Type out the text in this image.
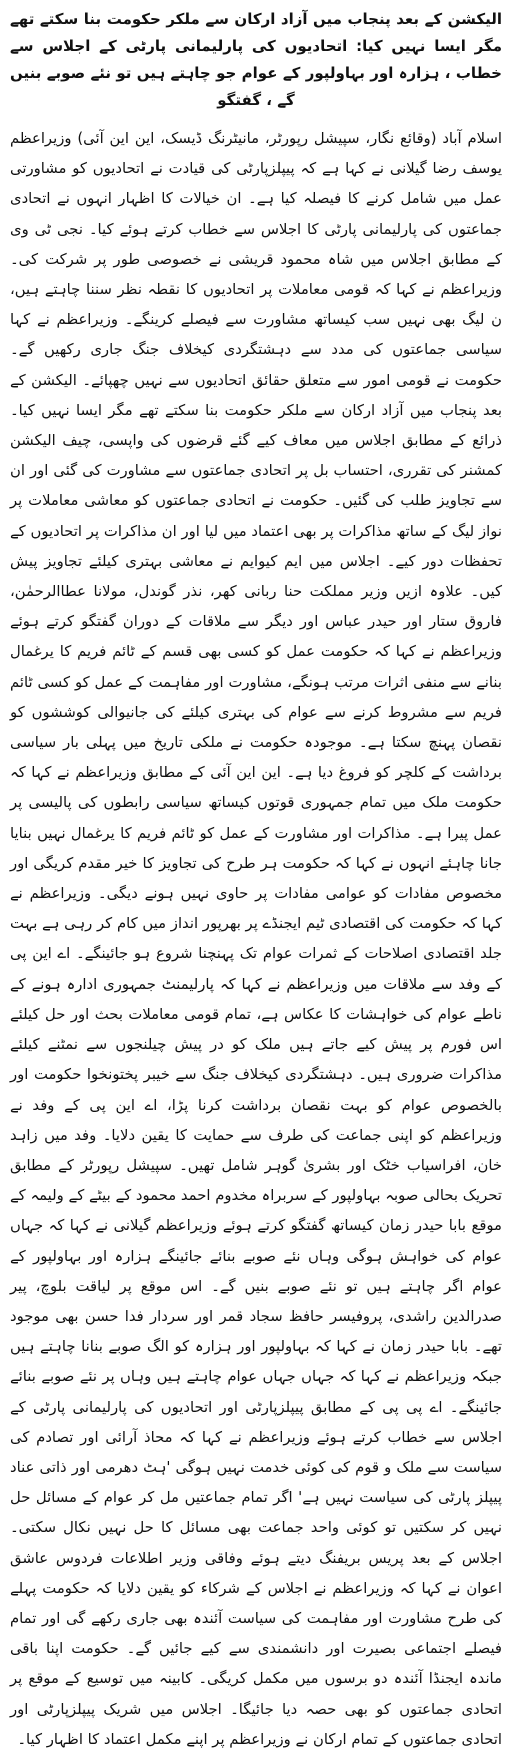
الیکشن کے بعد پنجاب میں آزاد ارکان سے ملکر حکومت بنا سکتے تھے مگر ایسا نہیں کیا: اتحادیوں کی پارلیمانی پارٹی کے اجلاس سے خطاب ، ہزارہ اور بہاولپور کے عوام جو چاہتے ہیں تو نئے صوبے بنیں گے ، گفتگو
اسلام آباد (وقائع نگار، سپیشل رپورٹر، مانیٹرنگ ڈیسک، این این آئی) وزیراعظم یوسف رضا گیلانی نے کہا ہے کہ پیپلزپارٹی کی قیادت نے اتحادیوں کو مشاورتی عمل میں شامل کرنے کا فیصلہ کیا ہے۔ ان خیالات کا اظہار انہوں نے اتحادی جماعتوں کی پارلیمانی پارٹی کا اجلاس سے خطاب کرتے ہوئے کیا۔ نجی ٹی وی کے مطابق اجلاس میں شاہ محمود قریشی نے خصوصی طور پر شرکت کی۔ وزیراعظم نے کہا کہ قومی معاملات پر اتحادیوں کا نقطہ نظر سننا چاہتے ہیں، ن لیگ بھی نہیں سب کیساتھ مشاورت سے فیصلے کرینگے۔ وزیراعظم نے کہا سیاسی جماعتوں کی مدد سے دہشتگردی کیخلاف جنگ جاری رکھیں گے۔ حکومت نے قومی امور سے متعلق حقائق اتحادیوں سے نہیں چھپائے۔ الیکشن کے بعد پنجاب میں آزاد ارکان سے ملکر حکومت بنا سکتے تھے مگر ایسا نہیں کیا۔ ذرائع کے مطابق اجلاس میں معاف کیے گئے قرضوں کی واپسی، چیف الیکشن کمشنر کی تقرری، احتساب بل پر اتحادی جماعتوں سے مشاورت کی گئی اور ان سے تجاویز طلب کی گئیں۔ حکومت نے اتحادی جماعتوں کو معاشی معاملات پر نواز لیگ کے ساتھ مذاکرات پر بھی اعتماد میں لیا اور ان مذاکرات پر اتحادیوں کے تحفظات دور کیے۔ اجلاس میں ایم کیوایم نے معاشی بہتری کیلئے تجاویز پیش کیں۔ علاوہ ازیں وزیر مملکت حنا ربانی کھر، نذر گوندل، مولانا عطاالرحمٰن، فاروق ستار اور حیدر عباس اور دیگر سے ملاقات کے دوران گفتگو کرتے ہوئے وزیراعظم نے کہا کہ حکومت عمل کو کسی بھی قسم کے ٹائم فریم کا یرغمال بنانے سے منفی اثرات مرتب ہونگے، مشاورت اور مفاہمت کے عمل کو کسی ٹائم فریم سے مشروط کرنے سے عوام کی بہتری کیلئے کی جانیوالی کوششوں کو نقصان پہنچ سکتا ہے۔ موجودہ حکومت نے ملکی تاریخ میں پہلی بار سیاسی برداشت کے کلچر کو فروغ دیا ہے۔ این این آئی کے مطابق وزیراعظم نے کہا کہ حکومت ملک میں تمام جمہوری قوتوں کیساتھ سیاسی رابطوں کی پالیسی پر عمل پیرا ہے۔ مذاکرات اور مشاورت کے عمل کو ٹائم فریم کا یرغمال نہیں بنایا جانا چاہئے انہوں نے کہا کہ حکومت ہر طرح کی تجاویز کا خیر مقدم کریگی اور مخصوص مفادات کو عوامی مفادات پر حاوی نہیں ہونے دیگی۔ وزیراعظم نے کہا کہ حکومت کی اقتصادی ٹیم ایجنڈے پر بھرپور انداز میں کام کر رہی ہے بہت جلد اقتصادی اصلاحات کے ثمرات عوام تک پہنچنا شروع ہو جائینگے۔ اے این پی کے وفد سے ملاقات میں وزیراعظم نے کہا کہ پارلیمنٹ جمہوری ادارہ ہونے کے ناطے عوام کی خواہشات کا عکاس ہے، تمام قومی معاملات بحث اور حل کیلئے اس فورم پر پیش کیے جاتے ہیں ملک کو در پیش چیلنجوں سے نمٹنے کیلئے مذاکرات ضروری ہیں۔ دہشتگردی کیخلاف جنگ سے خیبر پختونخوا حکومت اور بالخصوص عوام کو بہت نقصان برداشت کرنا پڑا، اے این پی کے وفد نے وزیراعظم کو اپنی جماعت کی طرف سے حمایت کا یقین دلایا۔ وفد میں زاہد خان، افراسیاب خٹک اور بشریٰ گوہر شامل تھیں۔ سپیشل رپورٹر کے مطابق تحریک بحالی صوبہ بہاولپور کے سربراہ مخدوم احمد محمود کے بیٹے کے ولیمہ کے موقع بابا حیدر زمان کیساتھ گفتگو کرتے ہوئے وزیراعظم گیلانی نے کہا کہ جہاں عوام کی خواہش ہوگی وہاں نئے صوبے بنائے جائینگے ہزارہ اور بہاولپور کے عوام اگر چاہتے ہیں تو نئے صوبے بنیں گے۔ اس موقع پر لیاقت بلوچ، پیر صدرالدین راشدی، پروفیسر حافظ سجاد قمر اور سردار فدا حسن بھی موجود تھے۔ بابا حیدر زمان نے کہا کہ بہاولپور اور ہزارہ کو الگ صوبے بنانا چاہتے ہیں جبکہ وزیراعظم نے کہا کہ جہاں جہاں عوام چاہتے ہیں وہاں پر نئے صوبے بنائے جائینگے۔ اے پی پی کے مطابق پیپلزپارٹی اور اتحادیوں کی پارلیمانی پارٹی کے اجلاس سے خطاب کرتے ہوئے وزیراعظم نے کہا کہ محاذ آرائی اور تصادم کی سیاست سے ملک و قوم کی کوئی خدمت نہیں ہوگی 'ہٹ دھرمی اور ذاتی عناد پیپلز پارٹی کی سیاست نہیں ہے' اگر تمام جماعتیں مل کر عوام کے مسائل حل نہیں کر سکتیں تو کوئی واحد جماعت بھی مسائل کا حل نہیں نکال سکتی۔ اجلاس کے بعد پریس بریفنگ دیتے ہوئے وفاقی وزیر اطلاعات فردوس عاشق اعوان نے کہا کہ وزیراعظم نے اجلاس کے شرکاء کو یقین دلایا کہ حکومت پہلے کی طرح مشاورت اور مفاہمت کی سیاست آئندہ بھی جاری رکھے گی اور تمام فیصلے اجتماعی بصیرت اور دانشمندی سے کیے جائیں گے۔ حکومت اپنا باقی ماندہ ایجنڈا آئندہ دو برسوں میں مکمل کریگی۔ کابینہ میں توسیع کے موقع پر اتحادی جماعتوں کو بھی حصہ دیا جائیگا۔ اجلاس میں شریک پیپلزپارٹی اور اتحادی جماعتوں کے تمام ارکان نے وزیراعظم پر اپنے مکمل اعتماد کا اظہار کیا۔
